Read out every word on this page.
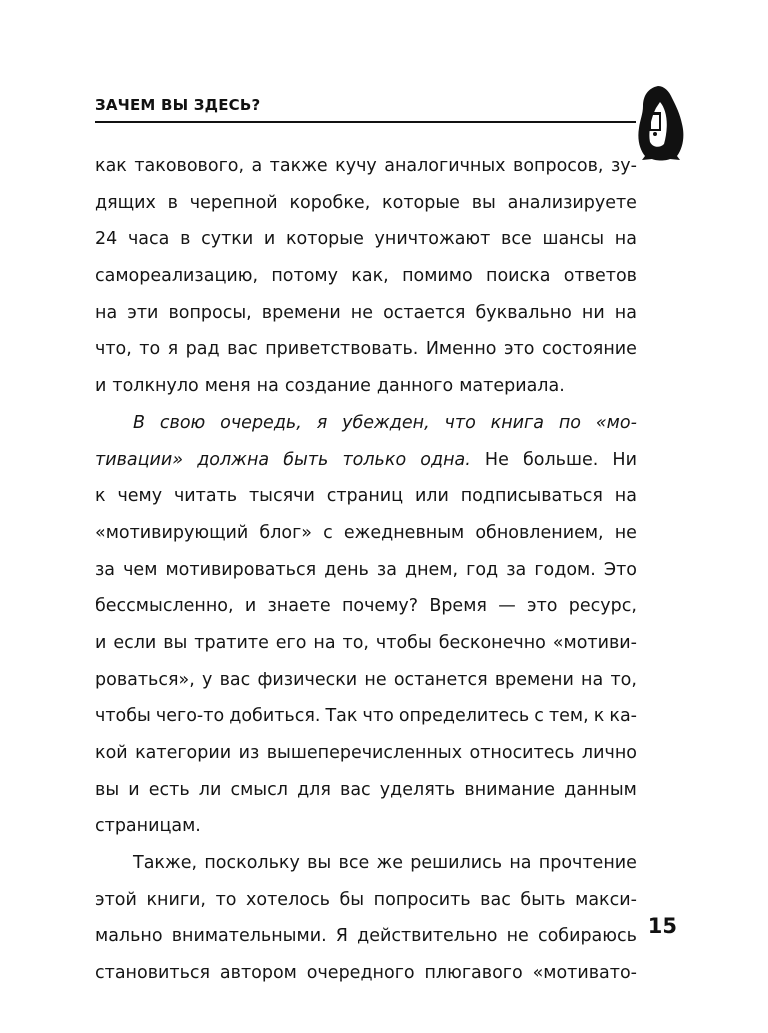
ЗАЧЕМ ВЫ ЗДЕСЬ?
как таковового, а также кучу аналогичных вопросов, зу-
дящих в черепной коробке, которые вы анализируете
24 часа в сутки и которые уничтожают все шансы на
самореализацию, потому как, помимо поиска ответов
на эти вопросы, времени не остается буквально ни на
что, то я рад вас приветствовать. Именно это состояние
и толкнуло меня на создание данного материала.
В свою очередь, я убежден, что книга по «мо-
тивации» должна быть только одна. Не больше. Ни
к чему читать тысячи страниц или подписываться на
«мотивирующий блог» с ежедневным обновлением, не
за чем мотивироваться день за днем, год за годом. Это
бессмысленно, и знаете почему? Время — это ресурс,
и если вы тратите его на то, чтобы бесконечно «мотиви-
роваться», у вас физически не останется времени на то,
чтобы чего-то добиться. Так что определитесь с тем, к ка-
кой категории из вышеперечисленных относитесь лично
вы и есть ли смысл для вас уделять внимание данным
страницам.
Также, поскольку вы все же решились на прочтение
этой книги, то хотелось бы попросить вас быть макси-
мально внимательными. Я действительно не собираюсь
становиться автором очередного плюгавого «мотивато-
15
